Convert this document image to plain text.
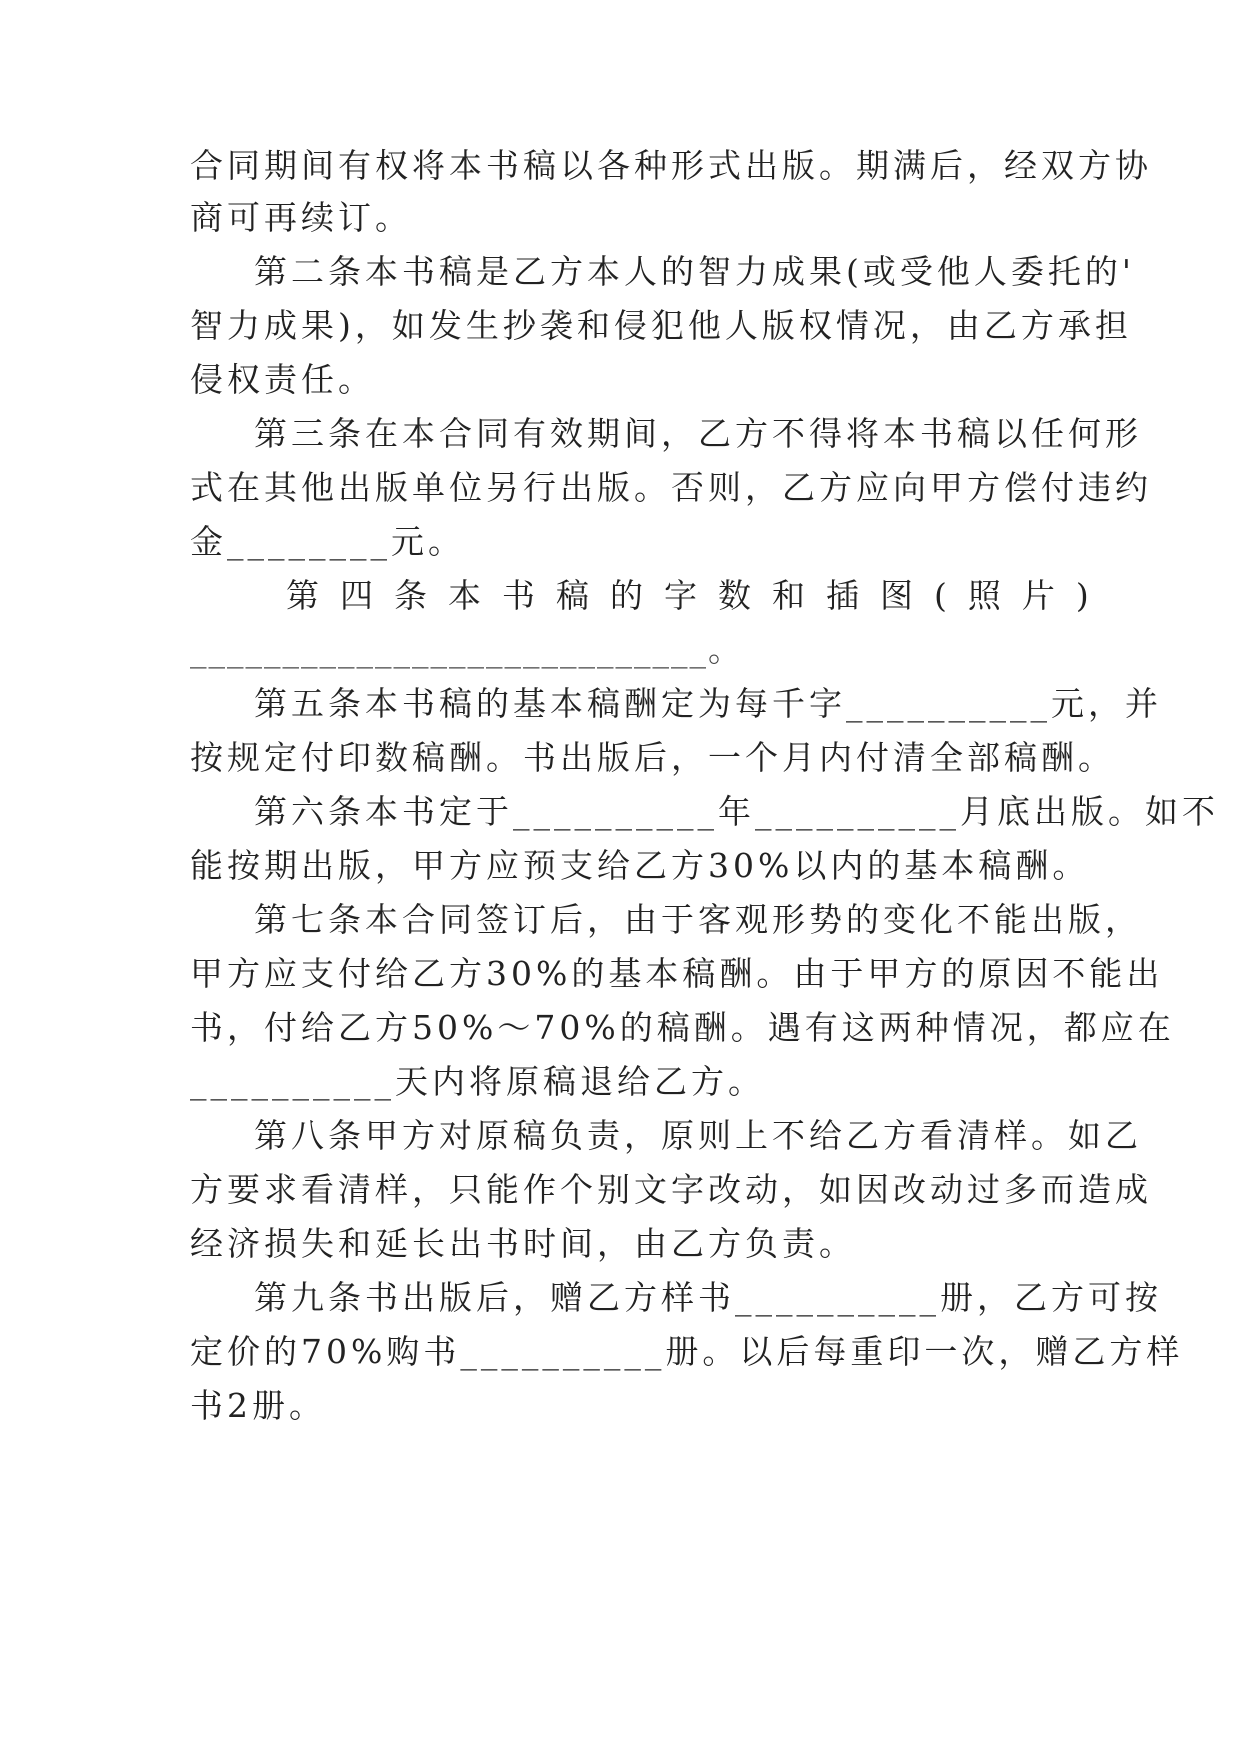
合同期间有权将本书稿以各种形式出版。期满后，经双方协
商可再续订。
第二条本书稿是乙方本人的智力成果(或受他人委托的'
智力成果)，如发生抄袭和侵犯他人版权情况，由乙方承担
侵权责任。
第三条在本合同有效期间，乙方不得将本书稿以任何形
式在其他出版单位另行出版。否则，乙方应向甲方偿付违约
金________元。
第四条本书稿的字数和插图(照片)
____________________________。
第五条本书稿的基本稿酬定为每千字__________元，并
按规定付印数稿酬。书出版后，一个月内付清全部稿酬。
第六条本书定于__________年__________月底出版。如不
能按期出版，甲方应预支给乙方30%以内的基本稿酬。
第七条本合同签订后，由于客观形势的变化不能出版，
甲方应支付给乙方30%的基本稿酬。由于甲方的原因不能出
书，付给乙方50%～70%的稿酬。遇有这两种情况，都应在
__________天内将原稿退给乙方。
第八条甲方对原稿负责，原则上不给乙方看清样。如乙
方要求看清样，只能作个别文字改动，如因改动过多而造成
经济损失和延长出书时间，由乙方负责。
第九条书出版后，赠乙方样书__________册，乙方可按
定价的70%购书__________册。以后每重印一次，赠乙方样
书2册。
